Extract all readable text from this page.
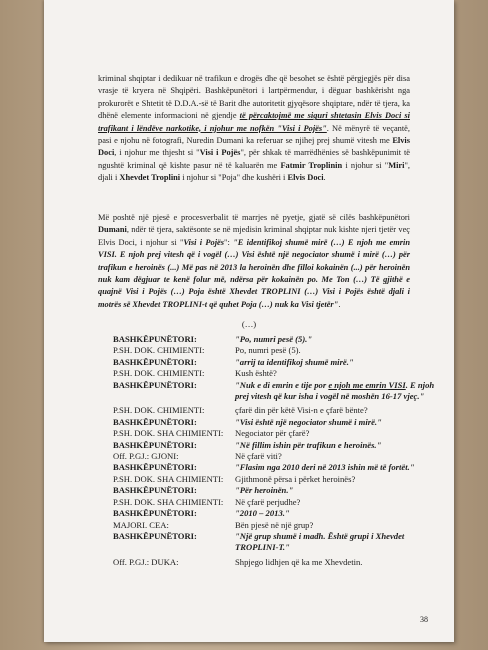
kriminal shqiptar i dedikuar në trafikun e drogës dhe që besohet se është përgjegjës për disa vrasje të kryera në Shqipëri. Bashkëpunëtori i lartpërmendur, i dëguar bashkërisht nga prokurorët e Shtetit të D.D.A.-së të Barit dhe autoritetit gjyqësore shqiptare, ndër të tjera, ka dhënë elemente informacioni në gjendje të përcaktojmë me siguri shtetasin Elvis Doci si trafikant i lëndëve narkotike, i njohur me nofkën "Visi i Pojës". Në mënyrë të veçantë, pasi e njohu në fotografi, Nuredin Dumani ka referuar se njihej prej shumë vitesh me Elvis Doci, i njohur me thjesht si "Visi i Pojës", për shkak të marrëdhënies së bashkëpunimit të ngushtë kriminal që kishte pasur në të kaluarën me Fatmir Troplinin i njohur si "Miri", djali i Xhevdet Troplini i njohur si "Poja" dhe kushëri i Elvis Doci.

Më poshtë një pjesë e procesverbalit të marrjes në pyetje, gjatë së cilës bashkëpunëtori Dumani, ndër të tjera, saktësonte se në mjedisin kriminal shqiptar nuk kishte njeri tjetër veç Elvis Doci, i njohur si "Visi i Pojës": "E identifikoj shumë mirë (…) E njoh me emrin VISI. E njoh prej vitesh që i vogël (…) Visi është një negociator shumë i mirë (…) për trafikun e heroinës (...) Më pas në 2013 la heroinën dhe filloi kokainën (...) për heroinën nuk kam dëgjuar te kenë folur më, ndërsa për kokainën po. Me Ton (…) Të gjithë e quajnë Visi i Pojës (…) Poja është Xhevdet TROPLINI (…) Visi i Pojës është djali i motrës së Xhevdet TROPLINI-t që quhet Poja (…) nuk ka Visi tjetër".

(…)
BASHKËPUNËTORI:	"Po, numri pesë (5)."
P.SH. DOK. CHIMIENTI:	Po, numri pesë (5).
BASHKËPUNËTORI:	"arrij ta identifikoj shumë mirë."
P.SH. DOK. CHIMIENTI:	Kush është?
BASHKËPUNËTORI:	"Nuk e di emrin e tije por e njoh me emrin VISI. E njoh prej vitesh që kur isha i vogël në moshën 16-17 vjeç."
P.SH. DOK. CHIMIENTI:	çfarë din për këtë Visi-n e çfarë bënte?
BASHKËPUNËTORI:	"Visi është një negociator shumë i mirë."
P.SH. DOK. SHA CHIMIENTI:	Negociator për çfarë?
BASHKËPUNËTORI:	"Në fillim ishin për trafikun e heroinës."
Off. P.GJ.: GJONI:	Në çfarë viti?
BASHKËPUNËTORI:	"Flasim nga 2010 deri në 2013 ishin më të fortët."
P.SH. DOK. SHA CHIMIENTI:	Gjithmonë përsa i përket heroinës?
BASHKËPUNËTORI:	"Për heroinën."
P.SH. DOK. SHA CHIMIENTI:	Në çfarë perjudhe?
BASHKËPUNËTORI:	"2010 – 2013."
MAJORI. CEA:	Bën pjesë në një grup?
BASHKËPUNËTORI:	"Një grup shumë i madh. Është grupi i Xhevdet TROPLINI-T."
Off. P.GJ.: DUKA:	Shpjego lidhjen që ka me Xhevdetin.
38
